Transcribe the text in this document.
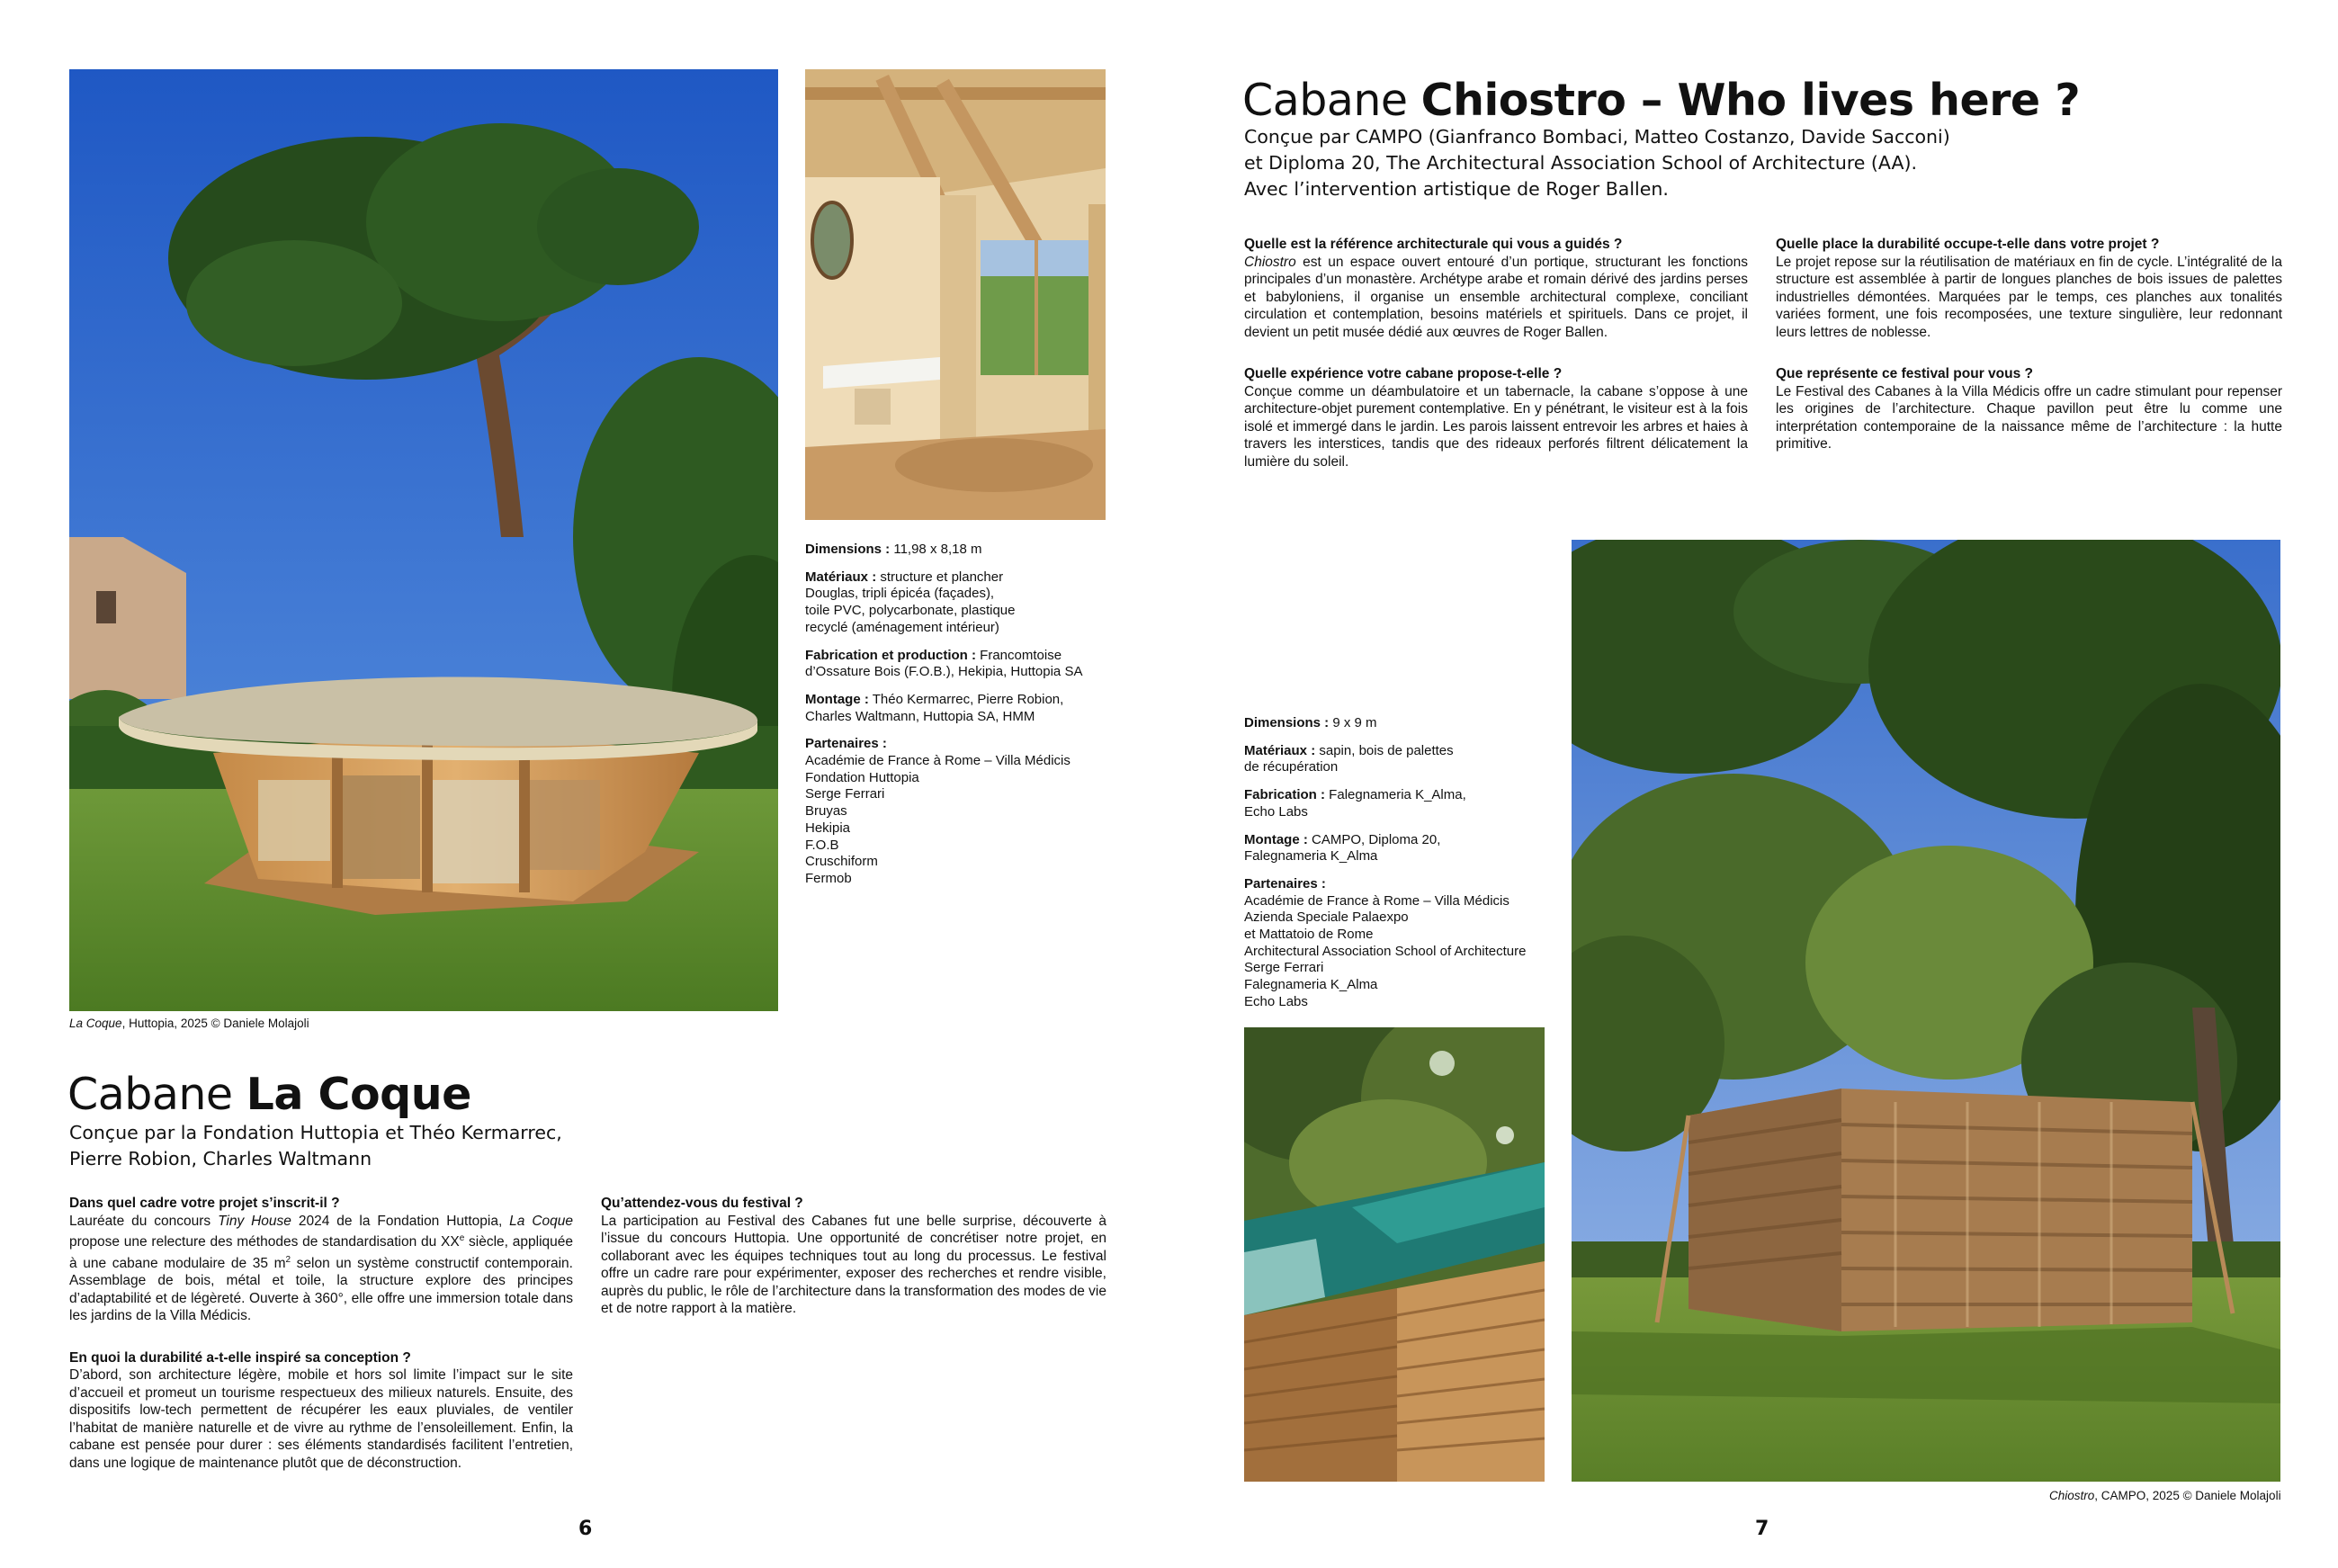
La Coque, Huttopia, 2025 © Daniele Molajoli
Dimensions : 11,98 x 8,18 m
Matériaux : structure et plancher
Douglas, tripli épicéa (façades),
toile PVC, polycarbonate, plastique
recyclé (aménagement intérieur)
Fabrication et production : Francomtoise
d’Ossature Bois (F.O.B.), Hekipia, Huttopia SA
Montage : Théo Kermarrec, Pierre Robion,
Charles Waltmann, Huttopia SA, HMM
Partenaires :
Académie de France à Rome – Villa Médicis
Fondation Huttopia
Serge Ferrari
Bruyas
Hekipia
F.O.B
Cruschiform
Fermob
Cabane La Coque
Conçue par la Fondation Huttopia et Théo Kermarrec,
Pierre Robion, Charles Waltmann

Dans quel cadre votre projet s’inscrit-il ?

Lauréate du concours Tiny House 2024 de la Fondation Huttopia, La Coque propose une relecture des méthodes de standardisation du XXe siècle, appliquée à une cabane modulaire de 35 $m^2$ selon un système constructif contemporain. Assemblage de bois, métal et toile, la structure explore des principes d’adaptabilité et de légèreté. Ouverte à 360°, elle offre une immersion totale dans les jardins de la Villa Médicis.

En quoi la durabilité a-t-elle inspiré sa conception ?

D’abord, son architecture légère, mobile et hors sol limite l’impact sur le site d’accueil et promeut un tourisme respectueux des milieux naturels. Ensuite, des dispositifs low-tech permettent de récupérer les eaux pluviales, de ventiler l’habitat de manière naturelle et de vivre au rythme de l’ensoleillement. Enfin, la cabane est pensée pour durer : ses éléments standardisés facilitent l’entretien, dans une logique de maintenance plutôt que de déconstruction.

Qu’attendez-vous du festival ?

La participation au Festival des Cabanes fut une belle surprise, découverte à l’issue du concours Huttopia. Une opportunité de concrétiser notre projet, en collaborant avec les équipes techniques tout au long du processus. Le festival offre un cadre rare pour expérimenter, exposer des recherches et rendre visible, auprès du public, le rôle de l’architecture dans la transformation des modes de vie et de notre rapport à la matière.

6
Cabane Chiostro – Who lives here ?
Conçue par CAMPO (Gianfranco Bombaci, Matteo Costanzo, Davide Sacconi)
et Diploma 20, The Architectural Association School of Architecture (AA).
Avec l’intervention artistique de Roger Ballen.

Quelle est la référence architecturale qui vous a guidés ?

Chiostro est un espace ouvert entouré d’un portique, structurant les fonctions principales d’un monastère. Archétype arabe et romain dérivé des jardins perses et babyloniens, il organise un ensemble architectural complexe, conciliant circulation et contemplation, besoins matériels et spirituels. Dans ce projet, il devient un petit musée dédié aux œuvres de Roger Ballen.

Quelle expérience votre cabane propose-t-elle ?

Conçue comme un déambulatoire et un tabernacle, la cabane s’oppose à une architecture-objet purement contemplative. En y pénétrant, le visiteur est à la fois isolé et immergé dans le jardin. Les parois laissent entrevoir les arbres et haies à travers les interstices, tandis que des rideaux perforés filtrent délicatement la lumière du soleil.

Quelle place la durabilité occupe-t-elle dans votre projet ?

Le projet repose sur la réutilisation de matériaux en fin de cycle. L’intégralité de la structure est assemblée à partir de longues planches de bois issues de palettes industrielles démontées. Marquées par le temps, ces planches aux tonalités variées forment, une fois recomposées, une texture singulière, leur redonnant leurs lettres de noblesse.

Que représente ce festival pour vous ?

Le Festival des Cabanes à la Villa Médicis offre un cadre stimulant pour repenser les origines de l’architecture. Chaque pavillon peut être lu comme une interprétation contemporaine de la naissance même de l’architecture : la hutte primitive.

Dimensions : 9 x 9 m
Matériaux : sapin, bois de palettes
de récupération
Fabrication : Falegnameria K_Alma,
Echo Labs
Montage : CAMPO, Diploma 20,
Falegnameria K_Alma
Partenaires :
Académie de France à Rome – Villa Médicis
Azienda Speciale Palaexpo
et Mattatoio de Rome
Architectural Association School of Architecture
Serge Ferrari
Falegnameria K_Alma
Echo Labs
Chiostro, CAMPO, 2025 © Daniele Molajoli
7
